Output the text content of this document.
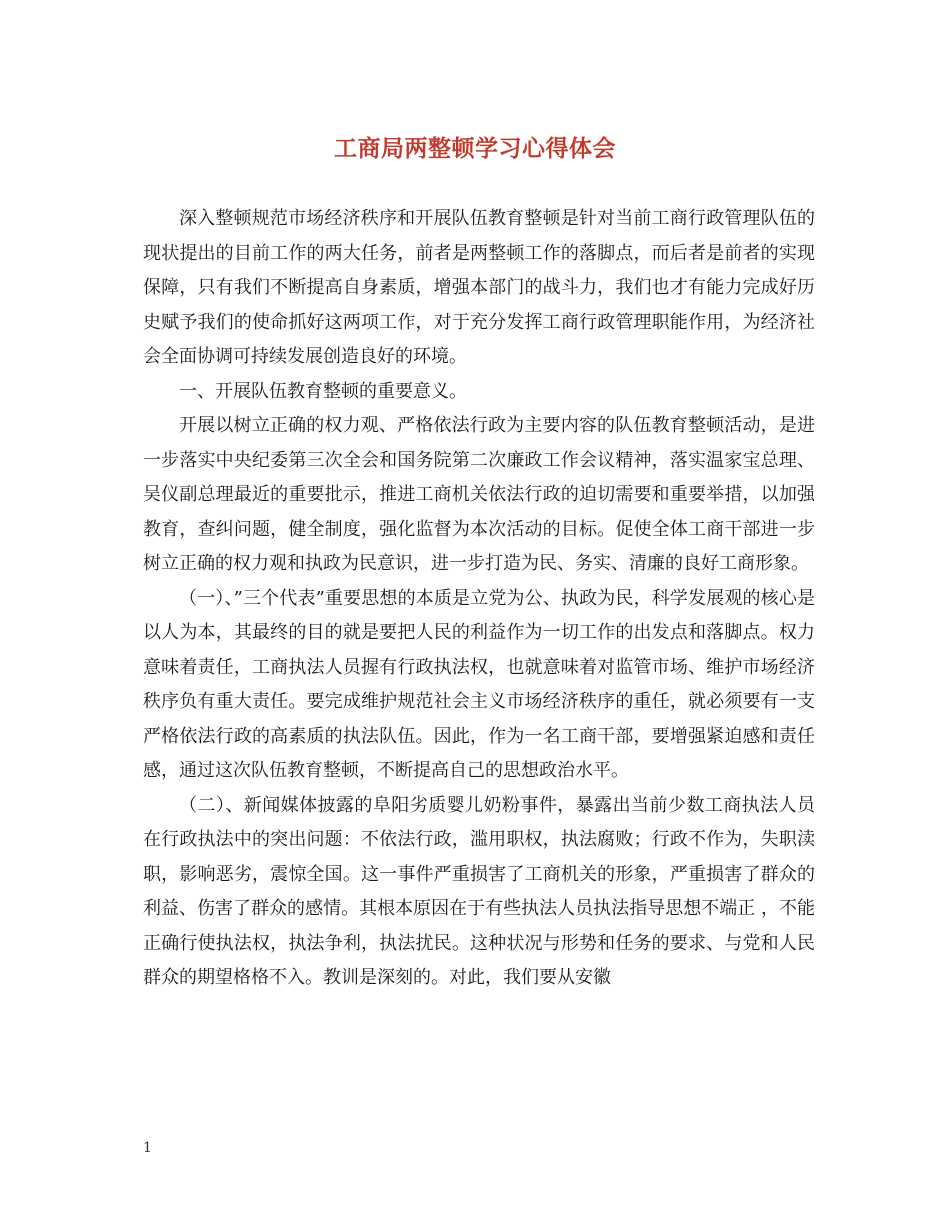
工商局两整顿学习心得体会

深入整顿规范市场经济秩序和开展队伍教育整顿是针对当前工商行政管理队伍的现状提出的目前工作的两大任务，前者是两整顿工作的落脚点，而后者是前者的实现保障，只有我们不断提高自身素质，增强本部门的战斗力，我们也才有能力完成好历史赋予我们的使命抓好这两项工作，对于充分发挥工商行政管理职能作用，为经济社会全面协调可持续发展创造良好的环境。

一、开展队伍教育整顿的重要意义。

开展以树立正确的权力观、严格依法行政为主要内容的队伍教育整顿活动，是进一步落实中央纪委第三次全会和国务院第二次廉政工作会议精神，落实温家宝总理、吴仪副总理最近的重要批示，推进工商机关依法行政的迫切需要和重要举措，以加强教育，查纠问题，健全制度，强化监督为本次活动的目标。促使全体工商干部进一步树立正确的权力观和执政为民意识，进一步打造为民、务实、清廉的良好工商形象。

（一）、”三个代表”重要思想的本质是立党为公、执政为民，科学发展观的核心是以人为本，其最终的目的就是要把人民的利益作为一切工作的出发点和落脚点。权力意味着责任，工商执法人员握有行政执法权，也就意味着对监管市场、维护市场经济秩序负有重大责任。要完成维护规范社会主义市场经济秩序的重任，就必须要有一支严格依法行政的高素质的执法队伍。因此，作为一名工商干部，要增强紧迫感和责任感，通过这次队伍教育整顿，不断提高自己的思想政治水平。

（二）、新闻媒体披露的阜阳劣质婴儿奶粉事件，暴露出当前少数工商执法人员在行政执法中的突出问题：不依法行政，滥用职权，执法腐败；行政不作为，失职渎职，影响恶劣，震惊全国。这一事件严重损害了工商机关的形象，严重损害了群众的利益、伤害了群众的感情。其根本原因在于有些执法人员执法指导思想不端正 ，不能正确行使执法权，执法争利，执法扰民。这种状况与形势和任务的要求、与党和人民群众的期望格格不入。教训是深刻的。对此，我们要从安徽

1
